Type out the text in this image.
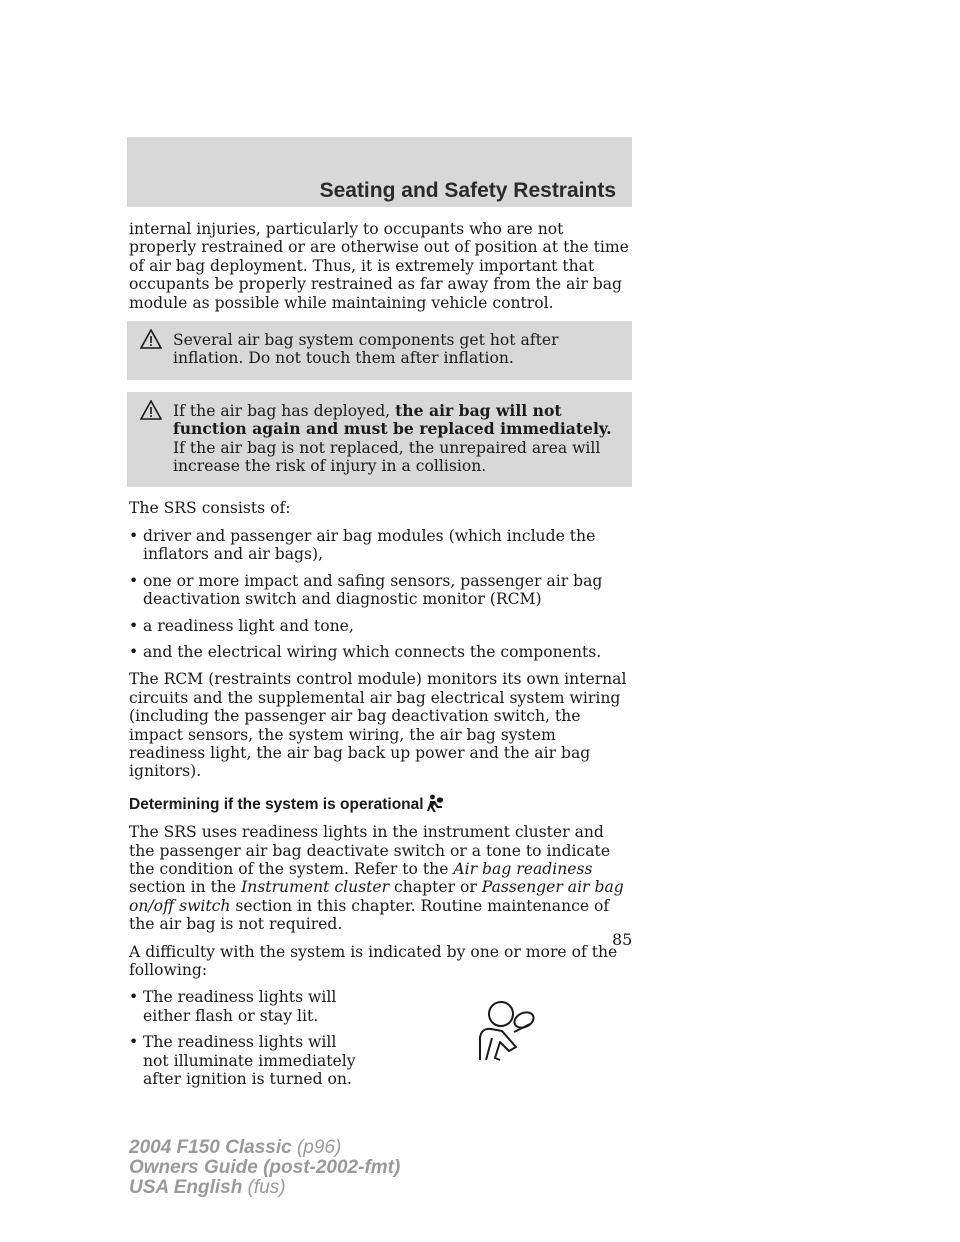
Seating and Safety Restraints

internal injuries, particularly to occupants who are not properly restrained or are otherwise out of position at the time of air bag deployment. Thus, it is extremely important that occupants be properly restrained as far away from the air bag module as possible while maintaining vehicle control.

Several air bag system components get hot after inflation. Do not touch them after inflation.
If the air bag has deployed, the air bag will not function again and must be replaced immediately. If the air bag is not replaced, the unrepaired area will increase the risk of injury in a collision.

The SRS consists of:

• driver and passenger air bag modules (which include the inflators and air bags),
• one or more impact and safing sensors, passenger air bag deactivation switch and diagnostic monitor (RCM)
• a readiness light and tone,
• and the electrical wiring which connects the components.

The RCM (restraints control module) monitors its own internal circuits and the supplemental air bag electrical system wiring (including the passenger air bag deactivation switch, the impact sensors, the system wiring, the air bag system readiness light, the air bag back up power and the air bag ignitors).

Determining if the system is operational

The SRS uses readiness lights in the instrument cluster and the passenger air bag deactivate switch or a tone to indicate the condition of the system. Refer to the Air bag readiness section in the Instrument cluster chapter or Passenger air bag on/off switch section in this chapter. Routine maintenance of the air bag is not required.

A difficulty with the system is indicated by one or more of the following:

• The readiness lights will either flash or stay lit.
• The readiness lights will not illuminate immediately after ignition is turned on.
85
2004 F150 Classic (p96)
Owners Guide (post-2002-fmt)
USA English (fus)
